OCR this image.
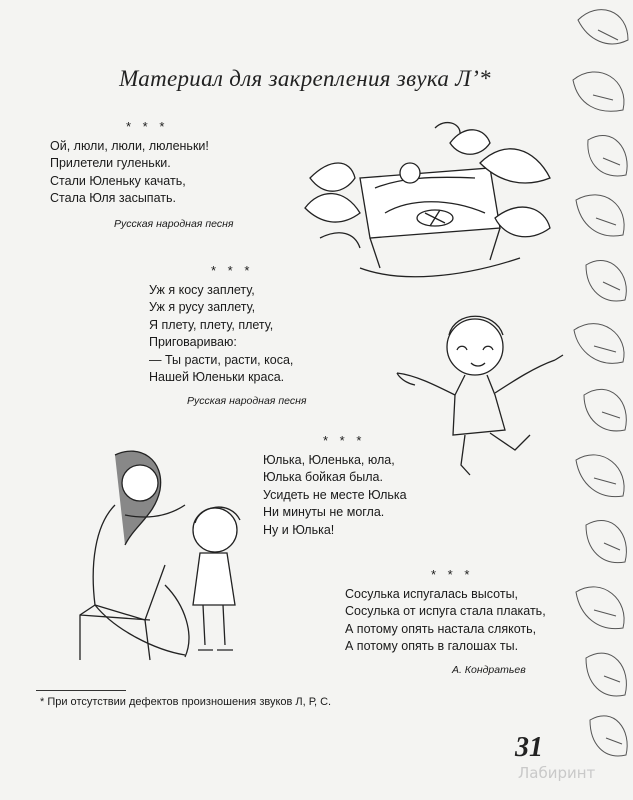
Материал для закрепления звука Л’*
* * *
Ой, люли, люли, люленьки!
Прилетели гуленьки.
Стали Юленьку качать,
Стала Юля засыпать.
Русская народная песня
* * *
Уж я косу заплету,
Уж я русу заплету,
Я плету, плету, плету,
Приговариваю:
— Ты расти, расти, коса,
Нашей Юленьки краса.
Русская народная песня
* * *
Юлька, Юленька, юла,
Юлька бойкая была.
Усидеть не месте Юлька
Ни минуты не могла.
Ну и Юлька!
* * *
Сосулька испугалась высоты,
Сосулька от испуга стала плакать,
А потому опять настала слякоть,
А потому опять в галошах ты.
А. Кондратьев
* При отсутствии дефектов произношения звуков Л, Р, С.
31
Лабиринт
